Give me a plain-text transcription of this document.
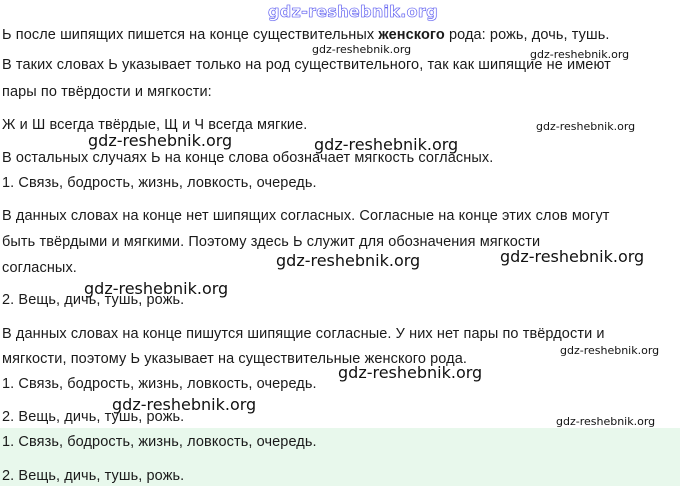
Ь после шипящих пишется на конце существительных женского рода: рожь, дочь, тушь.
В таких словах Ь указывает только на род существительного, так как шипящие не имеют
пары по твёрдости и мягкости:
Ж и Ш всегда твёрдые, Щ и Ч всегда мягкие.
В остальных случаях Ь на конце слова обозначает мягкость согласных.
1. Связь, бодрость, жизнь, ловкость, очередь.
В данных словах на конце нет шипящих согласных. Согласные на конце этих слов могут
быть твёрдыми и мягкими. Поэтому здесь Ь служит для обозначения мягкости
согласных.
2. Вещь, дичь, тушь, рожь.
В данных словах на конце пишутся шипящие согласные. У них нет пары по твёрдости и
мягкости, поэтому Ь указывает на существительные женского рода.
1. Связь, бодрость, жизнь, ловкость, очередь.
2. Вещь, дичь, тушь, рожь.
1. Связь, бодрость, жизнь, ловкость, очередь.
2. Вещь, дичь, тушь, рожь.
gdz-reshebnik.org
gdz-reshebnik.org	gdz-reshebnik.org
gdz-reshebnik.org
gdz-reshebnik.org	gdz-reshebnik.org
gdz-reshebnik.org	gdz-reshebnik.org
gdz-reshebnik.org
gdz-reshebnik.org
gdz-reshebnik.org
gdz-reshebnik.org
gdz-reshebnik.org
